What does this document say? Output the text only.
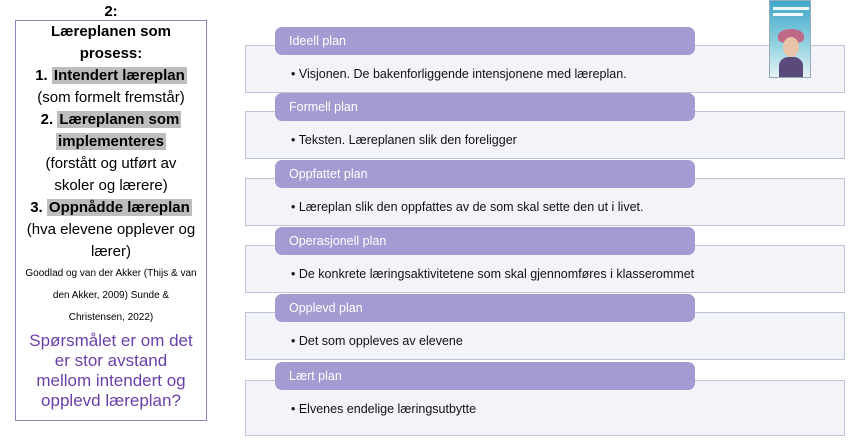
2:
Læreplanen som
prosess:
1. Intendert læreplan
(som formelt fremstår)
2. Læreplanen som
implementeres
(forstått og utført av
skoler og lærere)
3. Oppnådde læreplan
(hva elevene opplever og
lærer)
Goodlad og van der Akker (Thijs & van
den Akker, 2009) Sunde &
Christensen, 2022)
Spørsmålet er om det
er stor avstand
mellom intendert og
opplevd læreplan?
Ideell plan
• Visjonen. De bakenforliggende intensjonene med læreplan.
Formell plan
• Teksten. Læreplanen slik den foreligger
Oppfattet plan
• Læreplan slik den oppfattes av de som skal sette den ut i livet.
Operasjonell plan
• De konkrete læringsaktivitetene som skal gjennomføres i klasserommet
Opplevd plan
• Det som oppleves av elevene
Lært plan
• Elvenes endelige læringsutbytte
